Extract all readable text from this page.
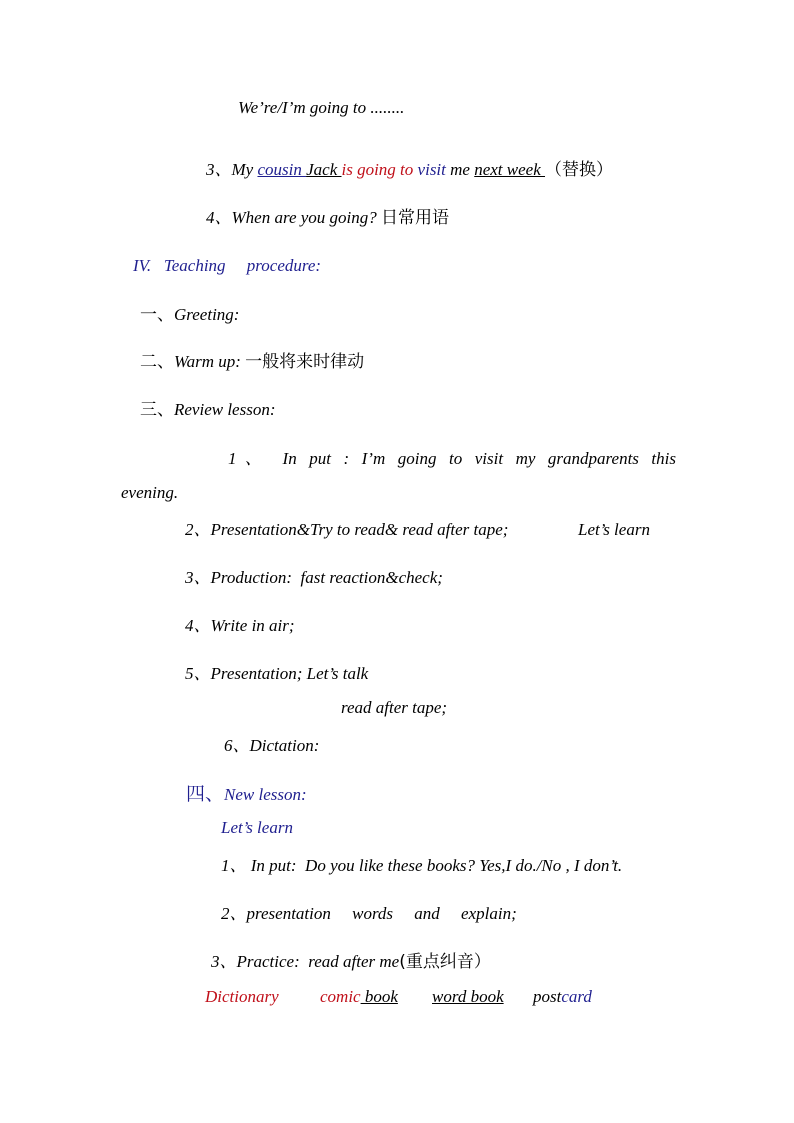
We’re/I’m going to ........
3、My cousin Jack is going to visit me next week （替换）
4、When are you going? 日常用语
IV.   Teaching     procedure:
一、Greeting:
二、Warm up: 一般将来时律动
三、Review lesson:
1、 In put : I’m going to visit my grandparents this
evening.
2、Presentation&Try to read& read after tape;	Let’s learn
3、Production:  fast reaction&check;
4、Write in air;
5、Presentation; Let’s talk
read after tape;
6、Dictation:
四、New lesson:
Let’s learn
1、 In put:  Do you like these books? Yes,I do./No , I don’t.
2、presentation     words     and     explain;
3、Practice:  read after me(重点纠音）
Dictionary comic book word book postcard
